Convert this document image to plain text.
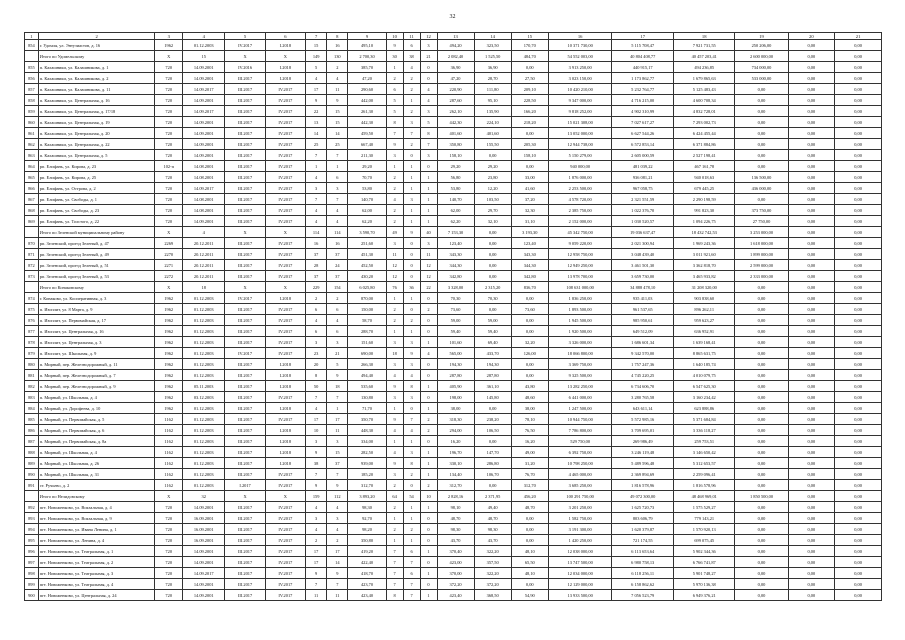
32
1	2	3	4	5	6	7	8	9	10	11	12	13	14	15	16	17	18	19	20	21
854	г. Удомля, ул. Энтузиастов, д. 16	1962	01.12.2003	IV.2017	I.2018	15	16	495,10	9	6	3	494,20	323,50	170,70	10 371 730,00	5 115 708,47	7 921 731,55	250 206,00	0,00	0,00
	Итого по Удомельскому	X	15	X	X	149	130	2 700,30	30	38	21	2 082,40	1 525,50	484,70	54 552 003,00	40 804 408,77	40 457 203,41	2 600 000,00	0,00	0,00
855	п. Калашники, ул. Калашникова, д. 1	720	14.09.2001	IV.2016	I.2018	5	2	385,70	1	4	0	36,90	36,90	0,00	3 913 250,00	440 915,17	494 236,85	734 000,00	0,00	0,00
856	п. Калашники, ул. Калашникова, д. 2	720	14.09.2001	III.2017	I.2018	4	4	47,20	2	2	0	47,20	28,70	27,50	3 023 150,00	1 173 862,77	1 679 865,63	533 000,00	0,00	0,00
857	п. Калашники, ул. Калашникова, д. 11	720	14.09.2017	III.2017	IV.2017	17	11	290,60	6	2	4	220,90	111,80	209,10	10 420 210,00	5 232 764,77	5 125 483,43	0,00	0,00	0,00
858	п. Калашники, ул. Центральная, д. 16	720	14.09.2001	III.2017	IV.2017	9	9	442,00	5	1	4	287,60	95,10	228,50	9 347 000,00	4 716 215,00	4 600 708,34	0,00	0,00	0,00
859	п. Калашники, ул. Центральная, д. 17/18	720	14.09.2017	III.2017	IV.2017	22	15	261,30	5	2	3	262,10	135,90	166,20	9 818 252,00	4 902 310,99	4 832 728,01	0,00	0,00	0,00
860	п. Калашники, ул. Центральная, д. 19	720	14.09.2001	III.2017	IV.2017	13	15	442,30	8	3	5	442,30	224,10	218,20	15 021 308,00	7 027 617,27	7 293 002,73	0,00	0,00	0,00
861	п. Калашники, ул. Центральная, д. 20	720	14.09.2001	III.2017	IV.2017	14	14	459,50	7	7	8	401,60	401,60	0,00	13 052 000,00	6 627 544,26	6 424 455,44	0,00	0,00	0,00
862	п. Калашники, ул. Центральная, д. 22	720	14.09.2001	III.2017	IV.2017	25	25	667,40	9	2	7	350,80	155,50	205,30	12 944 738,00	6 572 853,14	6 371 884,86	0,00	0,00	0,00
863	п. Калашники, ул. Центральная, д. 5	720	14.09.2001	III.2017	IV.2017	7	7	211,30	3	0	3	158,10	0,00	158,10	5 150 279,00	2 605 000,59	2 527 198,41	0,00	0,00	0,00
864	рп. Елифань, ул. Кирова, д. 23	102-п	14.08.2001	III.2017	IV.2017	1	1	29,20	1	1	0	29,20	29,20	0,00	940 000,00	481 039,22	467 161,78	0,00	0,00	0,00
865	рп. Елифань, ул. Кирова, д. 25	720	14.08.2001	III.2017	IV.2017	4	6	70,70	2	1	1	56,80	23,80	33,00	1 876 000,00	936 081,21	940 018,63	136 500,00	0,00	0,00
866	рп. Елифань, ул. Острова, д. 2	720	14.09.2017	III.2017	IV.2017	3	3	53,80	2	1	1	53,80	12,20	41,60	2 253 500,00	967 058,75	679 445,25	436 000,00	0,00	0,00
867	рп. Елифань, ул. Свободы, д. 1	720	14.08.2001	III.2017	IV.2017	7	7	140,70	4	3	1	140,70	103,50	37,20	4 578 720,00	2 321 551,59	2 290 198,59	0,00	0,00	0,00
868	рп. Елифань, ул. Свободы, д. 23	720	14.08.2001	III.2017	IV.2017	4	4	62,00	2	1	1	62,00	29,70	32,30	2 385 750,00	1 022 376,70	991 823,30	373 750,00	0,00	0,00
869	рп. Елифань, ул. Толстого, д. 22	720	14.09.2001	III.2017	IV.2017	4	4	62,20	2	1	1	62,20	32,10	31,10	2 152 000,00	1 030 520,57	1 094 226,75	27 750,00	0,00	0,00
	Итого по Зеленской муниципальному району	X	4	X	X	114	114	3 590,70	49	9	40	7 153,30	0,00	3 193,30	45 342 750,00	19 036 637,47	18 432 742,53	3 253 000,00	0,00	0,00
870	рп. Зеленский, проезд Зеленый, д. 47	2269	20.12.2011	III.2017	IV.2017	16	16	251,60	3	0	3	123,40	0,00	123,40	9 059 220,00	2 021 300,94	1 969 243,36	1 618 000,00	0,00	0,00
871	рп. Зеленский, проезд Зеленый, д. 49	2270	20.12.2011	III.2017	IV.2017	37	37	451,30	11	0	11	343,30	0,00	343,30	12 958 750,00	3 048 439,40	3 011 921,60	1 899 000,00	0,00	0,00
872	рп. Зеленский, проезд Зеленый, д. 51	2271	20.12.2011	III.2017	IV.2017	28	24	452,50	12	0	12	344,30	0,00	344,30	12 949 250,00	3 461 501,30	3 362 818,70	2 599 000,00	0,00	0,00
873	рп. Зеленский, проезд Зеленый, д. 53	2272	20.12.2011	III.2017	IV.2017	37	37	430,20	12	0	12	342,80	0,00	342,80	13 978 700,00	3 659 730,00	3 465 933,82	2 333 000,00	0,00	0,00
	Итого по Конаковскому	X	18	X	X	229	154	6 025,80	76	36	22	3 328,00	2 315,20	836,70	108 631 000,00	34 888 478,10	31 208 320,00	0,00	0,00	0,00
874	г. Конаково, ул. Кооперативная, д. 3	1962	01.12.2003	IV.2017	I.2018	2	2	870,00	1	1	0	70,30	70,30	0,00	1 836 250,00	935 411,03	903 838,60	0,00	0,00	0,00
875	п. Изоплит, ул. 8 Марта, д. 9	1962	01.12.2003	III.2017	IV.2017	6	6	150,00	2	0	2	73,60	0,00	73,60	1 893 500,00	961 537,65	896 262,11	0,00	0,00	0,00
876	п. Изоплит, ул. Первомайская, д. 17	1962	01.12.2003	III.2017	IV.2017	4	4	58,70	2	2	0	59,00	59,00	0,00	1 945 500,00	985 950,61	959 623,27	0,00	0,00	0,00
877	п. Изоплит, ул. Центральная, д. 16	1962	01.12.2003	III.2017	IV.2017	6	6	288,70	1	1	0	59,40	59,40	0,00	1 920 500,00	649 512,09	636 952,91	0,00	0,00	0,00
878	п. Изоплит, ул. Центральная, д. 3	1962	01.12.2003	III.2017	IV.2017	3	3	151,60	3	3	1	101,60	69,40	32,20	3 326 000,00	1 686 601,34	1 639 168,41	0,00	0,00	0,00
879	п. Изоплит, ул. Школьная, д. 9	1962	01.12.2003	IV.2017	IV.2017	23	21	690,00	18	9	4	565,00	433,70	126,00	18 066 800,00	9 342 570,00	8 865 631,75	0,00	0,00	0,00
880	п. Мирный, пер. Железнодорожный, д. 11	1962	01.12.2003	III.2017	I.2018	20	5	266,30	3	3	0	194,30	194,30	0,00	3 369 750,00	1 757 247,36	1 640 185,74	0,00	0,00	0,00
881	п. Мирный, пер. Железнодорожный, д. 7	1962	01.12.2003	III.2017	I.2018	8	9	494,40	4	4	0	287,80	287,80	0,00	9 325 500,00	4 745 220,25	4 010 079,75	0,00	0,00	0,00
882	п. Мирный, пер. Железнодорожный, д. 9	1962	05.11.2003	III.2017	I.2018	50	18	535,60	9	8	1	405,90	361,10	43,80	13 282 250,00	6 734 606,70	6 547 625,30	0,00	0,00	0,00
883	п. Мирный, ул. Школьная, д. 4	1962	03.12.2003	III.2017	IV.2017	7	7	130,80	3	3	0	198,00	145,80	48,60	6 441 000,00	3 280 765,58	3 160 234,42	0,00	0,00	0,00
884	п. Мирный, ул. Дорофеева, д. 10	1962	01.12.2003	III.2017	I.2018	4	1	71,70	1	0	1	38,00	0,00	38,00	1 247 500,00	643 611,14	623 888,86	0,00	0,00	0,00
885	п. Мирный, ул. Первомайская, д. 5	1162	01.12.2003	III.2017	IV.2017	17	17	350,70	9	7	2	318,30	238,20	78,10	10 944 750,00	5 572 985,16	5 371 684,84	0,00	0,00	0,00
886	п. Мирный, ул. Первомайская, д. 6	1162	01.12.2003	III.2017	I.2018	10	11	448,30	4	4	2	294,00	106,50	76,50	7 786 800,00	3 709 695,01	3 336 118,27	0,00	0,00	0,00
887	п. Мирный, ул. Первомайская, д. 8а	1162	01.12.2003	III.2017	I.2018	3	3	334,00	1	1	0	16,20	0,00	16,20	529 750,00	269 986,49	259 753,51	0,00	0,00	0,00
888	п. Мирный, ул. Школьная, д. 4	1162	01.12.2003	III.2017	I.2018	9	15	282,50	4	3	1	196,70	147,70	49,00	6 392 750,00	3 246 119,48	3 146 650,42	0,00	0,00	0,00
889	п. Мирный, ул. Школьная, д. 26	1162	01.12.2003	III.2017	I.2018	38	37	939,00	9	8	1	330,10	286,80	31,20	10 798 250,00	5 489 596,48	5 312 653,57	0,00	0,00	0,00
890	п. Мирный, ул. Школьная, д. 31	1162	01.12.2003	III.2017	IV.2017	7	7	185,20	3	2	1	134,40	106,70	76,70	4 465 000,00	2 369 894,69	2 259 096,41	0,00	0,00	0,00
891	ст. Ручьево, д. 2	1162	01.12.2003	I.2017	IV.2017	9	9	312,70	2	0	2	312,70	0,00	312,70	3 685 250,00	1 816 578,96	1 816 578,96	0,00	0,00	0,00
	Итого по Нелидовскому	X	32	X	X	159	112	3 893,20	64	54	10	2 828,16	2 371,95	456,20	100 291 750,00	49 072 300,00	48 468 969,01	1 850 500,00	0,00	0,00
892	пгт. Новоженково, ул. Вокзальная, д. 4	720	14.09.2001	III.2017	IV.2017	4	4	98,30	2	1	1	98,10	49,40	48,70	3 201 250,00	1 625 720,73	1 575 529,27	0,00	0,00	0,00
893	пгт. Новоженково, ул. Вокзальная, д. 9	720	16.09.2001	III.2017	IV.2017	3	3	92,70	1	1	0	48,70	48,70	0,00	1 582 750,00	803 606,79	779 143,21	0,00	0,00	0,00
894	пгт. Новоженково, ул. Ивана Ленина, д. 1	720	16.09.2001	III.2017	IV.2017	4	4	98,20	2	2	0	98,30	98,30	0,00	3 191 300,00	1 620 379,87	1 570 920,13	0,00	0,00	0,00
895	пгт. Новоженково, ул. Ленина, д. 4	720	16.09.2001	III.2017	IV.2017	2	2	350,80	1	1	0	43,70	43,70	0,00	1 420 250,00	721 174,55	699 075,45	0,00	0,00	0,00
896	пгт. Новоженково, ул. Театральная, д. 1	720	14.09.2001	III.2017	IV.2017	17	17	419,20	7	6	1	370,40	322,20	48,10	12 038 000,00	6 113 653,64	5 902 344,36	0,00	0,00	0,00
897	пгт. Новоженково, ул. Театральная, д. 2	720	14.09.2001	III.2017	IV.2017	17	14	422,40	7	7	0	423,00	357,50	65,50	13 747 500,00	6 980 758,13	6 766 741,87	0,00	0,00	0,00
898	пгт. Новоженково, ул. Театральная, д. 3	720	14.09.2017	III.2017	IV.2017	9	9	418,70	7	6	1	370,00	322,20	48,10	12 034 000,00	6 118 256,11	5 901 748,27	0,00	0,00	0,00
899	пгт. Новоженково, ул. Театральная, д. 4	720	14.09.2001	III.2017	IV.2017	7	7	423,70	7	7	0	372,20	372,20	0,00	12 129 000,00	6 158 862,62	5 970 136,38	0,00	0,00	0,00
900	пгт. Новоженково, ул. Центральная, д. 24	720	14.09.2001	III.2017	IV.2017	11	11	423,40	8	7	1	423,40	368,50	54,90	13 933 500,00	7 056 523,79	6 949 376,21	0,00	0,00	0,00
